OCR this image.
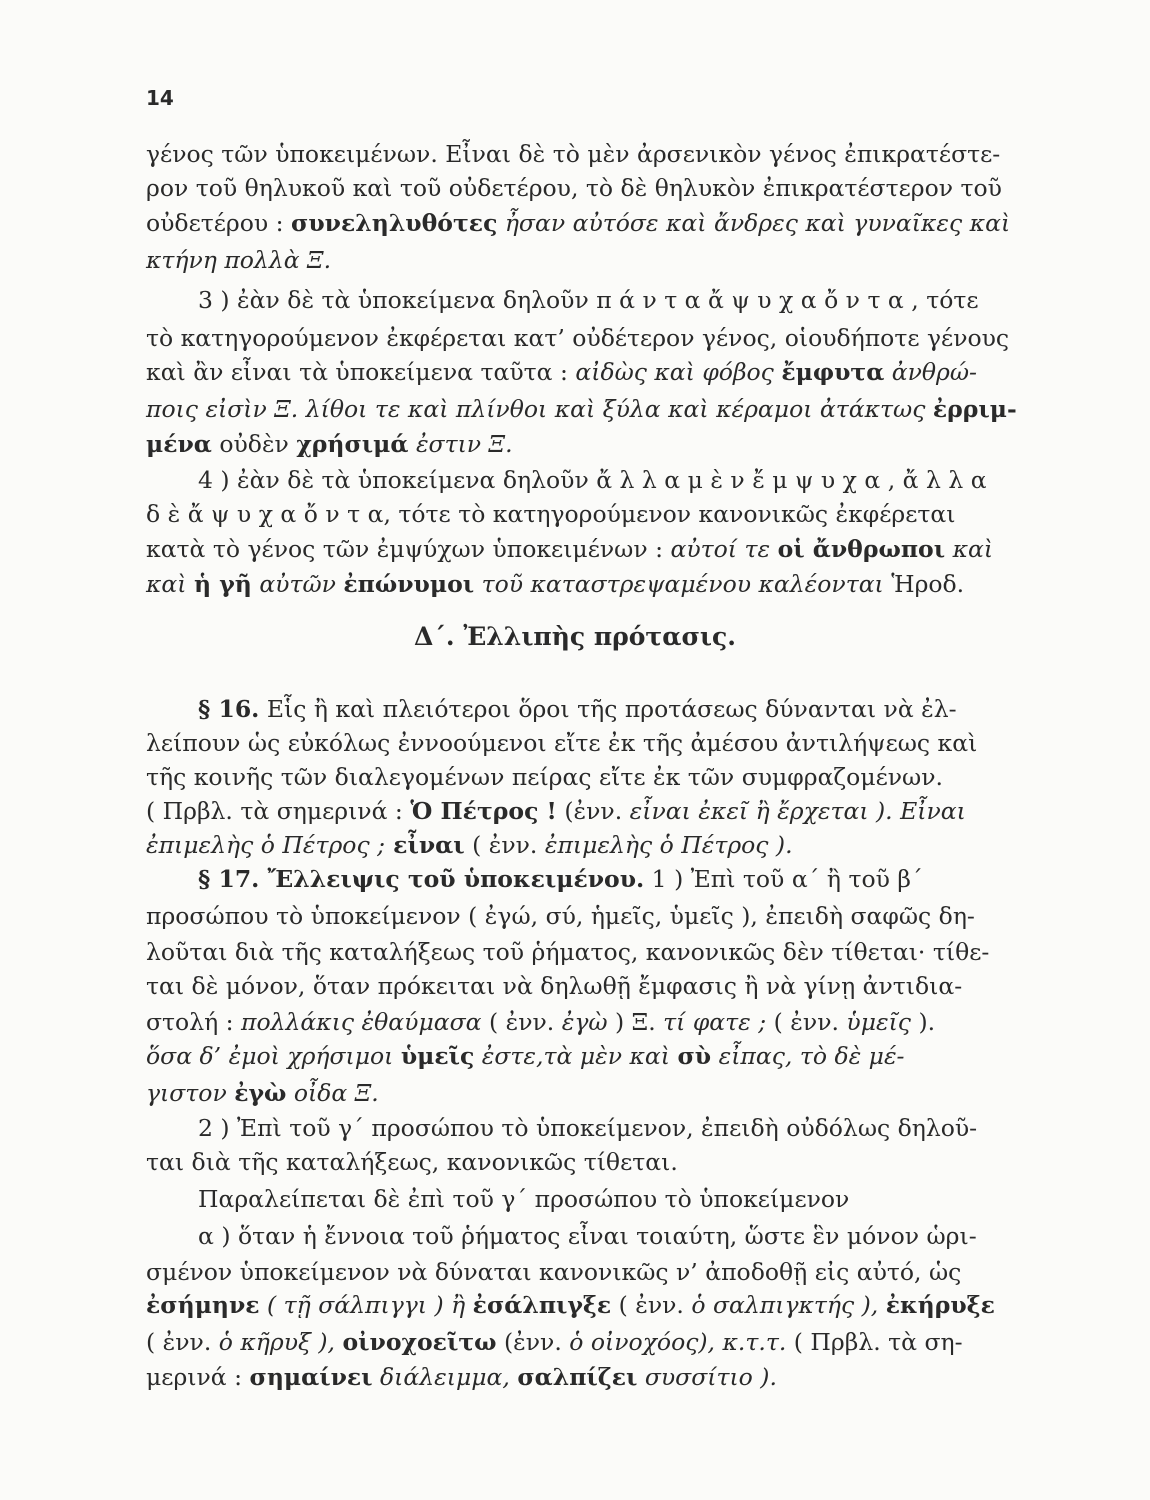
14
γένος τῶν ὑποκειμένων. Εἶναι δὲ τὸ μὲν ἀρσενικὸν γένος ἐπικρατέστε-
ρον τοῦ θηλυκοῦ καὶ τοῦ οὐδετέρου, τὸ δὲ θηλυκὸν ἐπικρατέστερον τοῦ
οὐδετέρου : συνεληλυθότες ἦσαν αὐτόσε καὶ ἄνδρες καὶ γυναῖκες καὶ
κτήνη πολλὰ Ξ.
3 ) ἐὰν δὲ τὰ ὑποκείμενα δηλοῦν π ά ν τ α ἄ ψ υ χ α ὄ ν τ α , τότε
τὸ κατηγορούμενον ἐκφέρεται κατ’ οὐδέτερον γένος, οἱουδήποτε γένους
καὶ ἂν εἶναι τὰ ὑποκείμενα ταῦτα : αἰδὼς καὶ φόβος ἔμφυτα ἀνθρώ-
ποις εἰσὶν Ξ. λίθοι τε καὶ πλίνθοι καὶ ξύλα καὶ κέραμοι ἀτάκτως ἐρριμ-
μένα οὐδὲν χρήσιμά ἐστιν Ξ.
4 ) ἐὰν δὲ τὰ ὑποκείμενα δηλοῦν ἄ λ λ α μ ὲ ν ἔ μ ψ υ χ α , ἄ λ λ α
δ ὲ ἄ ψ υ χ α ὄ ν τ α, τότε τὸ κατηγορούμενον κανονικῶς ἐκφέρεται
κατὰ τὸ γένος τῶν ἐμψύχων ὑποκειμένων : αὐτοί τε οἱ ἄνθρωποι καὶ
καὶ ἡ γῆ αὐτῶν ἐπώνυμοι τοῦ καταστρεψαμένου καλέονται Ἡροδ.
Δ΄. Ἐλλιπὴς πρότασις.
§ 16. Εἷς ἢ καὶ πλειότεροι ὅροι τῆς προτάσεως δύνανται νὰ ἐλ-
λείπουν ὡς εὐκόλως ἐννοούμενοι εἴτε ἐκ τῆς ἀμέσου ἀντιλήψεως καὶ
τῆς κοινῆς τῶν διαλεγομένων πείρας εἴτε ἐκ τῶν συμφραζομένων.
( Πρβλ. τὰ σημερινά : Ὁ Πέτρος ! (ἐνν. εἶναι ἐκεῖ ἢ ἔρχεται ). Εἶναι
ἐπιμελὴς ὁ Πέτρος ; εἶναι ( ἐνν. ἐπιμελὴς ὁ Πέτρος ).
§ 17. Ἔλλειψις τοῦ ὑποκειμένου. 1 ) Ἐπὶ τοῦ α΄ ἢ τοῦ β΄
προσώπου τὸ ὑποκείμενον ( ἐγώ, σύ, ἡμεῖς, ὑμεῖς ), ἐπειδὴ σαφῶς δη-
λοῦται διὰ τῆς καταλήξεως τοῦ ῥήματος, κανονικῶς δὲν τίθεται· τίθε-
ται δὲ μόνον, ὅταν πρόκειται νὰ δηλωθῇ ἔμφασις ἢ νὰ γίνῃ ἀντιδια-
στολή : πολλάκις ἐθαύμασα ( ἐνν. ἐγὼ ) Ξ. τί φατε ; ( ἐνν. ὑμεῖς ).
ὅσα δ’ ἐμοὶ χρήσιμοι ὑμεῖς ἐστε,τὰ μὲν καὶ σὺ εἶπας, τὸ δὲ μέ-
γιστον ἐγὼ οἶδα Ξ.
2 ) Ἐπὶ τοῦ γ΄ προσώπου τὸ ὑποκείμενον, ἐπειδὴ οὐδόλως δηλοῦ-
ται διὰ τῆς καταλήξεως, κανονικῶς τίθεται.
Παραλείπεται δὲ ἐπὶ τοῦ γ΄ προσώπου τὸ ὑποκείμενον
α ) ὅταν ἡ ἔννοια τοῦ ῥήματος εἶναι τοιαύτη, ὥστε ἓν μόνον ὡρι-
σμένον ὑποκείμενον νὰ δύναται κανονικῶς ν’ ἀποδοθῇ εἰς αὐτό, ὡς
ἐσήμηνε ( τῇ σάλπιγγι ) ἢ ἐσάλπιγξε ( ἐνν. ὁ σαλπιγκτής ), ἐκήρυξε
( ἐνν. ὁ κῆρυξ ), οἰνοχοεῖτω (ἐνν. ὁ οἰνοχόος), κ.τ.τ. ( Πρβλ. τὰ ση-
μερινά : σημαίνει διάλειμμα, σαλπίζει συσσίτιο ).
